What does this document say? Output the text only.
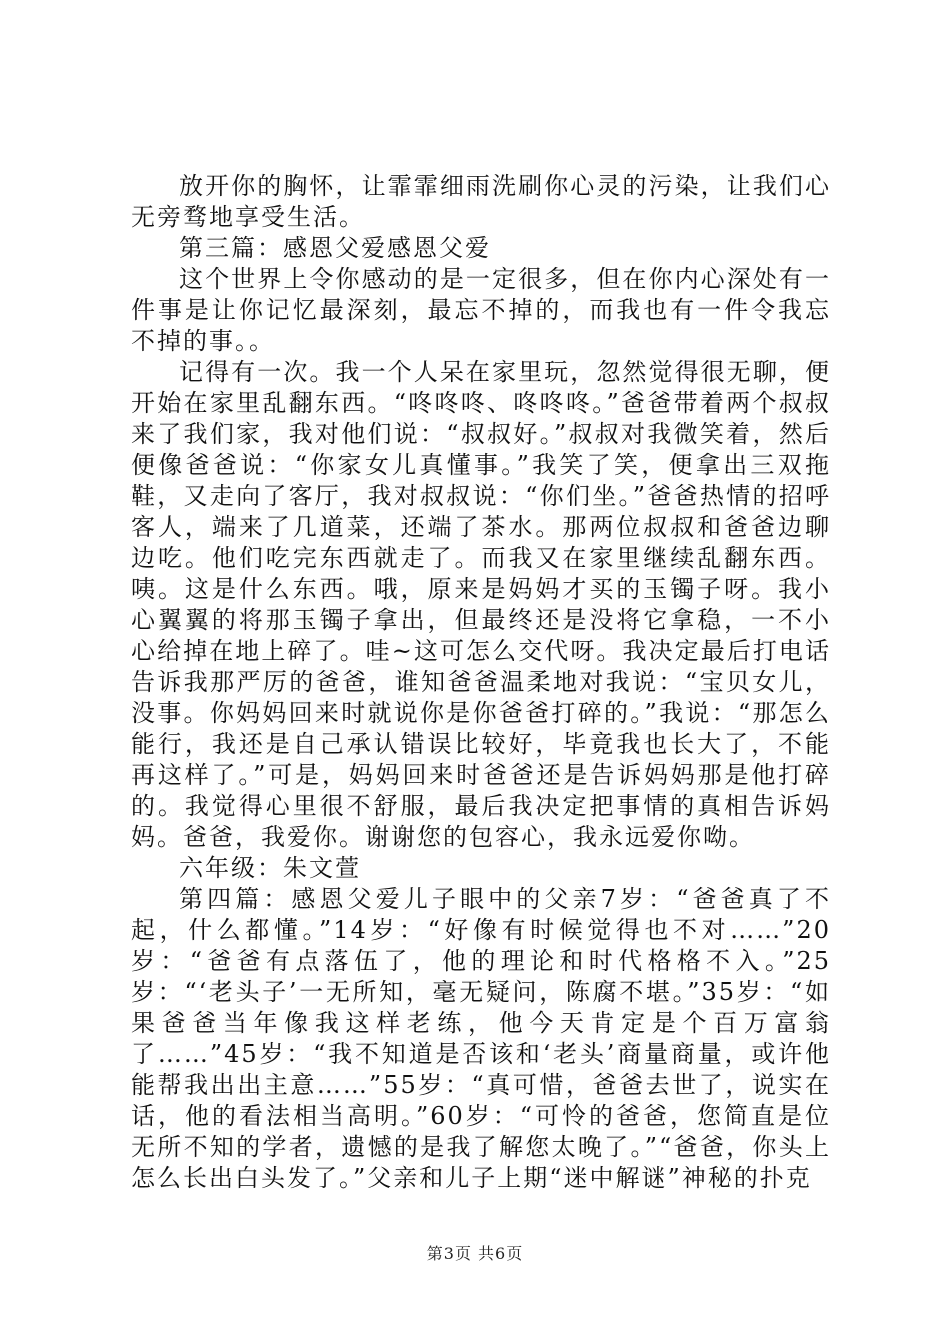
放开你的胸怀，让霏霏细雨洗刷你心灵的污染，让我们心无旁骛地享受生活。

第三篇：感恩父爱感恩父爱

这个世界上令你感动的是一定很多，但在你内心深处有一件事是让你记忆最深刻，最忘不掉的，而我也有一件令我忘不掉的事。。

记得有一次。我一个人呆在家里玩，忽然觉得很无聊，便开始在家里乱翻东西。“咚咚咚、咚咚咚。”爸爸带着两个叔叔来了我们家，我对他们说：“叔叔好。”叔叔对我微笑着，然后便像爸爸说：“你家女儿真懂事。”我笑了笑，便拿出三双拖鞋，又走向了客厅，我对叔叔说：“你们坐。”爸爸热情的招呼客人，端来了几道菜，还端了茶水。那两位叔叔和爸爸边聊边吃。他们吃完东西就走了。而我又在家里继续乱翻东西。咦。这是什么东西。哦，原来是妈妈才买的玉镯子呀。我小心翼翼的将那玉镯子拿出，但最终还是没将它拿稳，一不小心给掉在地上碎了。哇~这可怎么交代呀。我决定最后打电话告诉我那严厉的爸爸，谁知爸爸温柔地对我说：“宝贝女儿，没事。你妈妈回来时就说你是你爸爸打碎的。”我说：“那怎么能行，我还是自己承认错误比较好，毕竟我也长大了，不能再这样了。”可是，妈妈回来时爸爸还是告诉妈妈那是他打碎的。我觉得心里很不舒服，最后我决定把事情的真相告诉妈妈。爸爸，我爱你。谢谢您的包容心，我永远爱你呦。

六年级：朱文萱

第四篇：感恩父爱儿子眼中的父亲7岁：“爸爸真了不起，什么都懂。”14岁：“好像有时候觉得也不对……”20岁：“爸爸有点落伍了，他的理论和时代格格不入。”25岁：“‘老头子’一无所知，毫无疑问，陈腐不堪。”35岁：“如果爸爸当年像我这样老练，他今天肯定是个百万富翁了……”45岁：“我不知道是否该和‘老头’商量商量，或许他能帮我出出主意……”55岁：“真可惜，爸爸去世了，说实在话，他的看法相当高明。”60岁：“可怜的爸爸，您简直是位无所不知的学者，遗憾的是我了解您太晚了。”“爸爸，你头上怎么长出白头发了。”父亲和儿子上期“迷中解谜”神秘的扑克

第3页 共6页
